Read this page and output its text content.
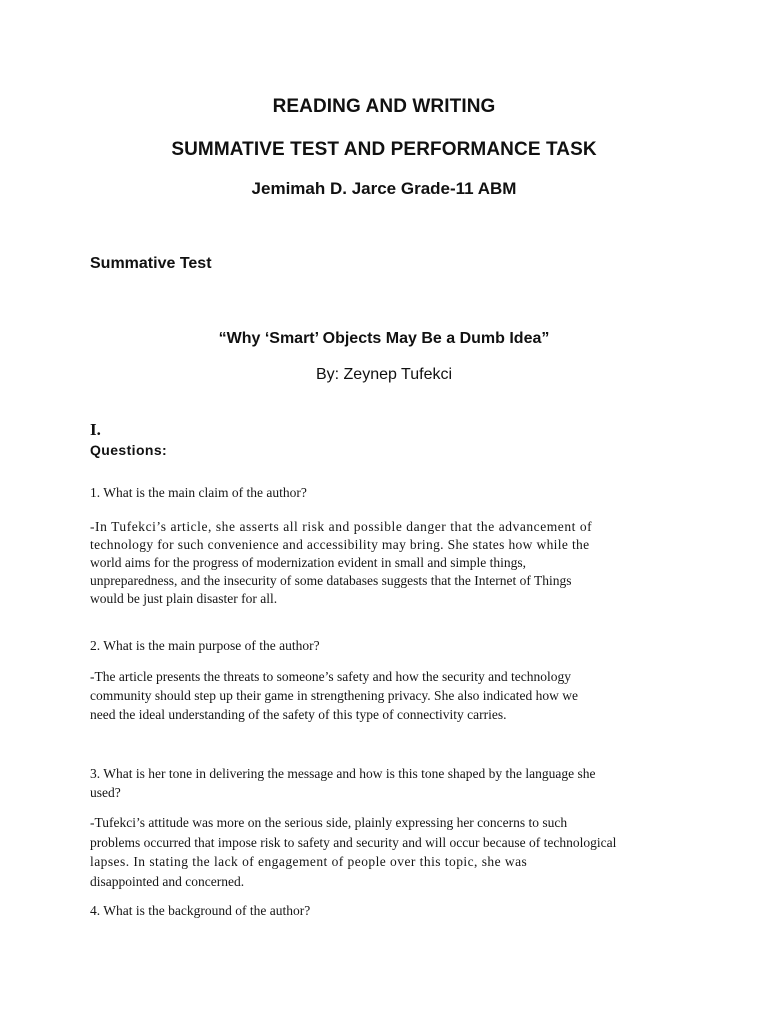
READING AND WRITING
SUMMATIVE TEST AND PERFORMANCE TASK
Jemimah D. Jarce Grade-11 ABM
Summative Test
“Why ‘Smart’ Objects May Be a Dumb Idea”
By: Zeynep Tufekci
I.
Questions:
1. What is the main claim of the author?
-In Tufekci’s article, she asserts all risk and possible danger that the advancement of
technology for such convenience and accessibility may bring. She states how while the
world aims for the progress of modernization evident in small and simple things,
unpreparedness, and the insecurity of some databases suggests that the Internet of Things
would be just plain disaster for all.
2. What is the main purpose of the author?
-The article presents the threats to someone’s safety and how the security and technology
community should step up their game in strengthening privacy. She also indicated how we
need the ideal understanding of the safety of this type of connectivity carries.
3. What is her tone in delivering the message and how is this tone shaped by the language she
used?
-Tufekci’s attitude was more on the serious side, plainly expressing her concerns to such
problems occurred that impose risk to safety and security and will occur because of technological
lapses. In stating the lack of engagement of people over this topic, she was
disappointed and concerned.
4. What is the background of the author?
